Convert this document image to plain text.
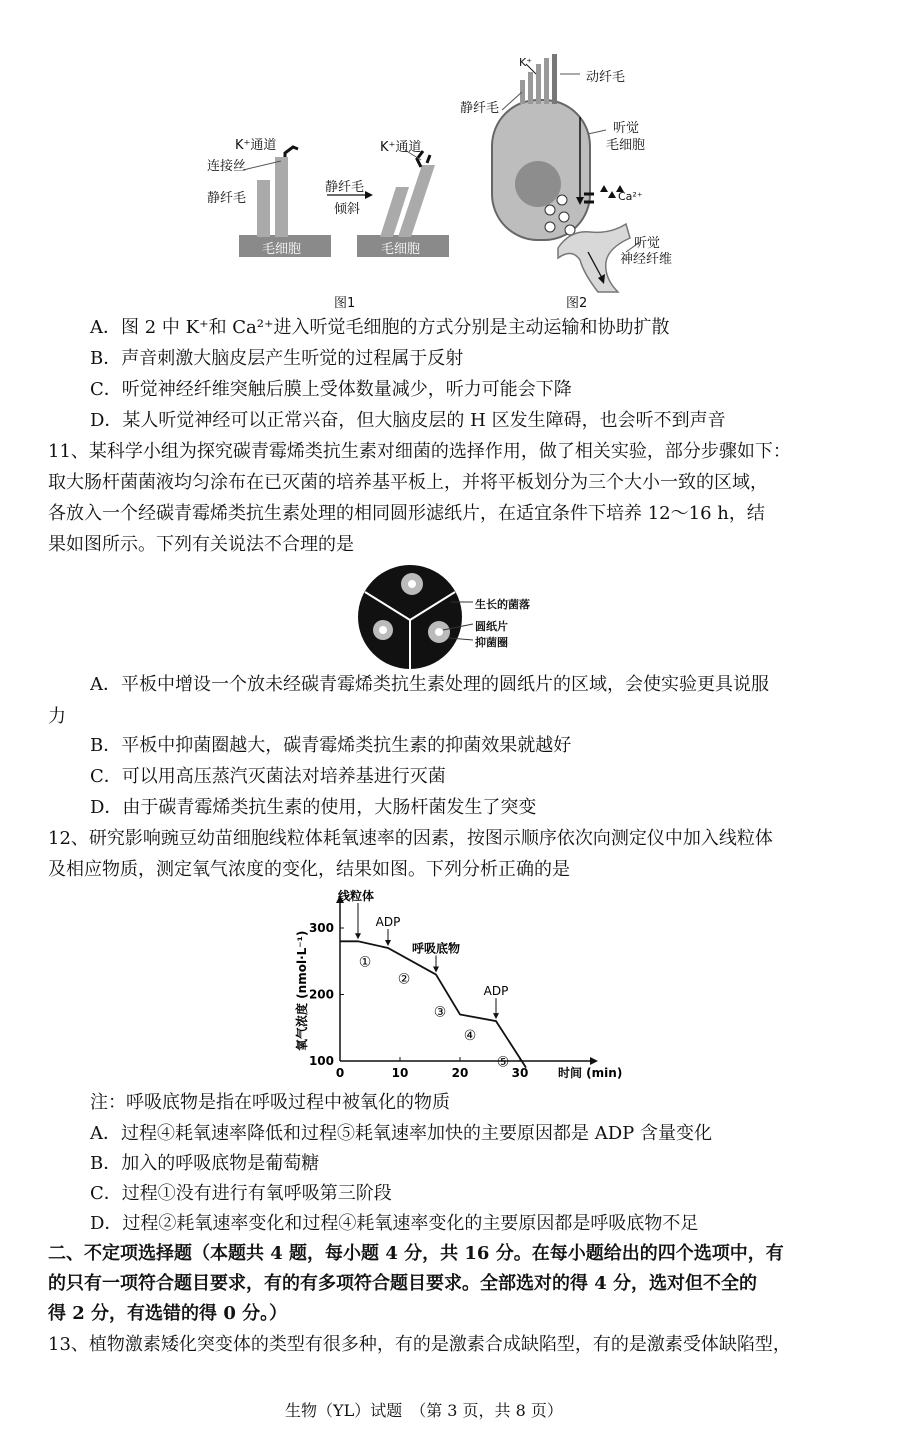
K⁺通道
连接丝
静纤毛
K⁺通道
静纤毛
倾斜
毛细胞	毛细胞
图1
K⁺
动纤毛
静纤毛
听觉
毛细胞
Ca²⁺
听觉
神经纤维
图2
A．图 2 中 K⁺和 Ca²⁺进入听觉毛细胞的方式分别是主动运输和协助扩散
B．声音刺激大脑皮层产生听觉的过程属于反射
C．听觉神经纤维突触后膜上受体数量减少，听力可能会下降
D．某人听觉神经可以正常兴奋，但大脑皮层的 H 区发生障碍，也会听不到声音
11、某科学小组为探究碳青霉烯类抗生素对细菌的选择作用，做了相关实验，部分步骤如下：
取大肠杆菌菌液均匀涂布在已灭菌的培养基平板上，并将平板划分为三个大小一致的区域，
各放入一个经碳青霉烯类抗生素处理的相同圆形滤纸片，在适宜条件下培养 12～16 h，结
果如图所示。下列有关说法不合理的是
生长的菌落
圆纸片
抑菌圈
A．平板中增设一个放未经碳青霉烯类抗生素处理的圆纸片的区域，会使实验更具说服
力
B．平板中抑菌圈越大，碳青霉烯类抗生素的抑菌效果就越好
C．可以用高压蒸汽灭菌法对培养基进行灭菌
D．由于碳青霉烯类抗生素的使用，大肠杆菌发生了突变
12、研究影响豌豆幼苗细胞线粒体耗氧速率的因素，按图示顺序依次向测定仪中加入线粒体
及相应物质，测定氧气浓度的变化，结果如图。下列分析正确的是
0	10	20	30
300
200
100
时间 (min)
氧气浓度 (nmol·L⁻¹)
线粒体
ADP
呼吸底物
ADP
①
②
③
④
⑤
注：呼吸底物是指在呼吸过程中被氧化的物质
A．过程④耗氧速率降低和过程⑤耗氧速率加快的主要原因都是 ADP 含量变化
B．加入的呼吸底物是葡萄糖
C．过程①没有进行有氧呼吸第三阶段
D．过程②耗氧速率变化和过程④耗氧速率变化的主要原因都是呼吸底物不足
二、不定项选择题（本题共 4 题，每小题 4 分，共 16 分。在每小题给出的四个选项中，有
的只有一项符合题目要求，有的有多项符合题目要求。全部选对的得 4 分，选对但不全的
得 2 分，有选错的得 0 分。）
13、植物激素矮化突变体的类型有很多种，有的是激素合成缺陷型，有的是激素受体缺陷型，
生物（YL）试题　（第 3 页，共 8 页）
